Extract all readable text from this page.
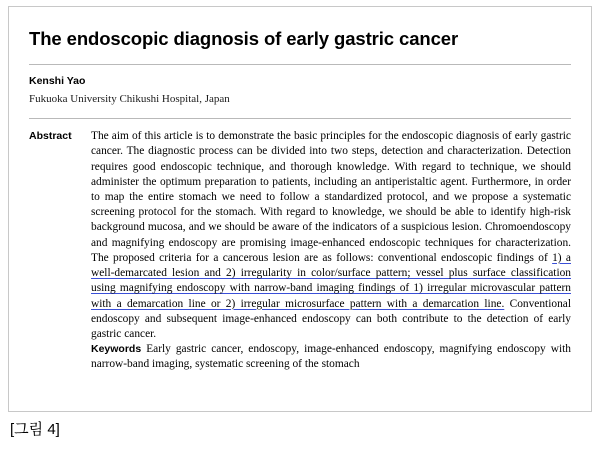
The endoscopic diagnosis of early gastric cancer
Kenshi Yao
Fukuoka University Chikushi Hospital, Japan
Abstract	The aim of this article is to demonstrate the basic principles for the endoscopic diagnosis of early gastric cancer. The diagnostic process can be divided into two steps, detection and characterization. Detection requires good endoscopic technique, and thorough knowledge. With regard to technique, we should administer the optimum preparation to patients, including an antiperistaltic agent. Furthermore, in order to map the entire stomach we need to follow a standardized protocol, and we propose a systematic screening protocol for the stomach. With regard to knowledge, we should be able to identify high-risk background mucosa, and we should be aware of the indicators of a suspicious lesion. Chromoendoscopy and magnifying endoscopy are promising image-enhanced endoscopic techniques for characterization. The proposed criteria for a cancerous lesion are as follows: conventional endoscopic findings of 1) a well-demarcated lesion and 2) irregularity in color/surface pattern; vessel plus surface classification using magnifying endoscopy with narrow-band imaging findings of 1) irregular microvascular pattern with a demarcation line or 2) irregular microsurface pattern with a demarcation line. Conventional endoscopy and subsequent image-enhanced endoscopy can both contribute to the detection of early gastric cancer.

Keywords Early gastric cancer, endoscopy, image-enhanced endoscopy, magnifying endoscopy with narrow-band imaging, systematic screening of the stomach

[그림 4]
